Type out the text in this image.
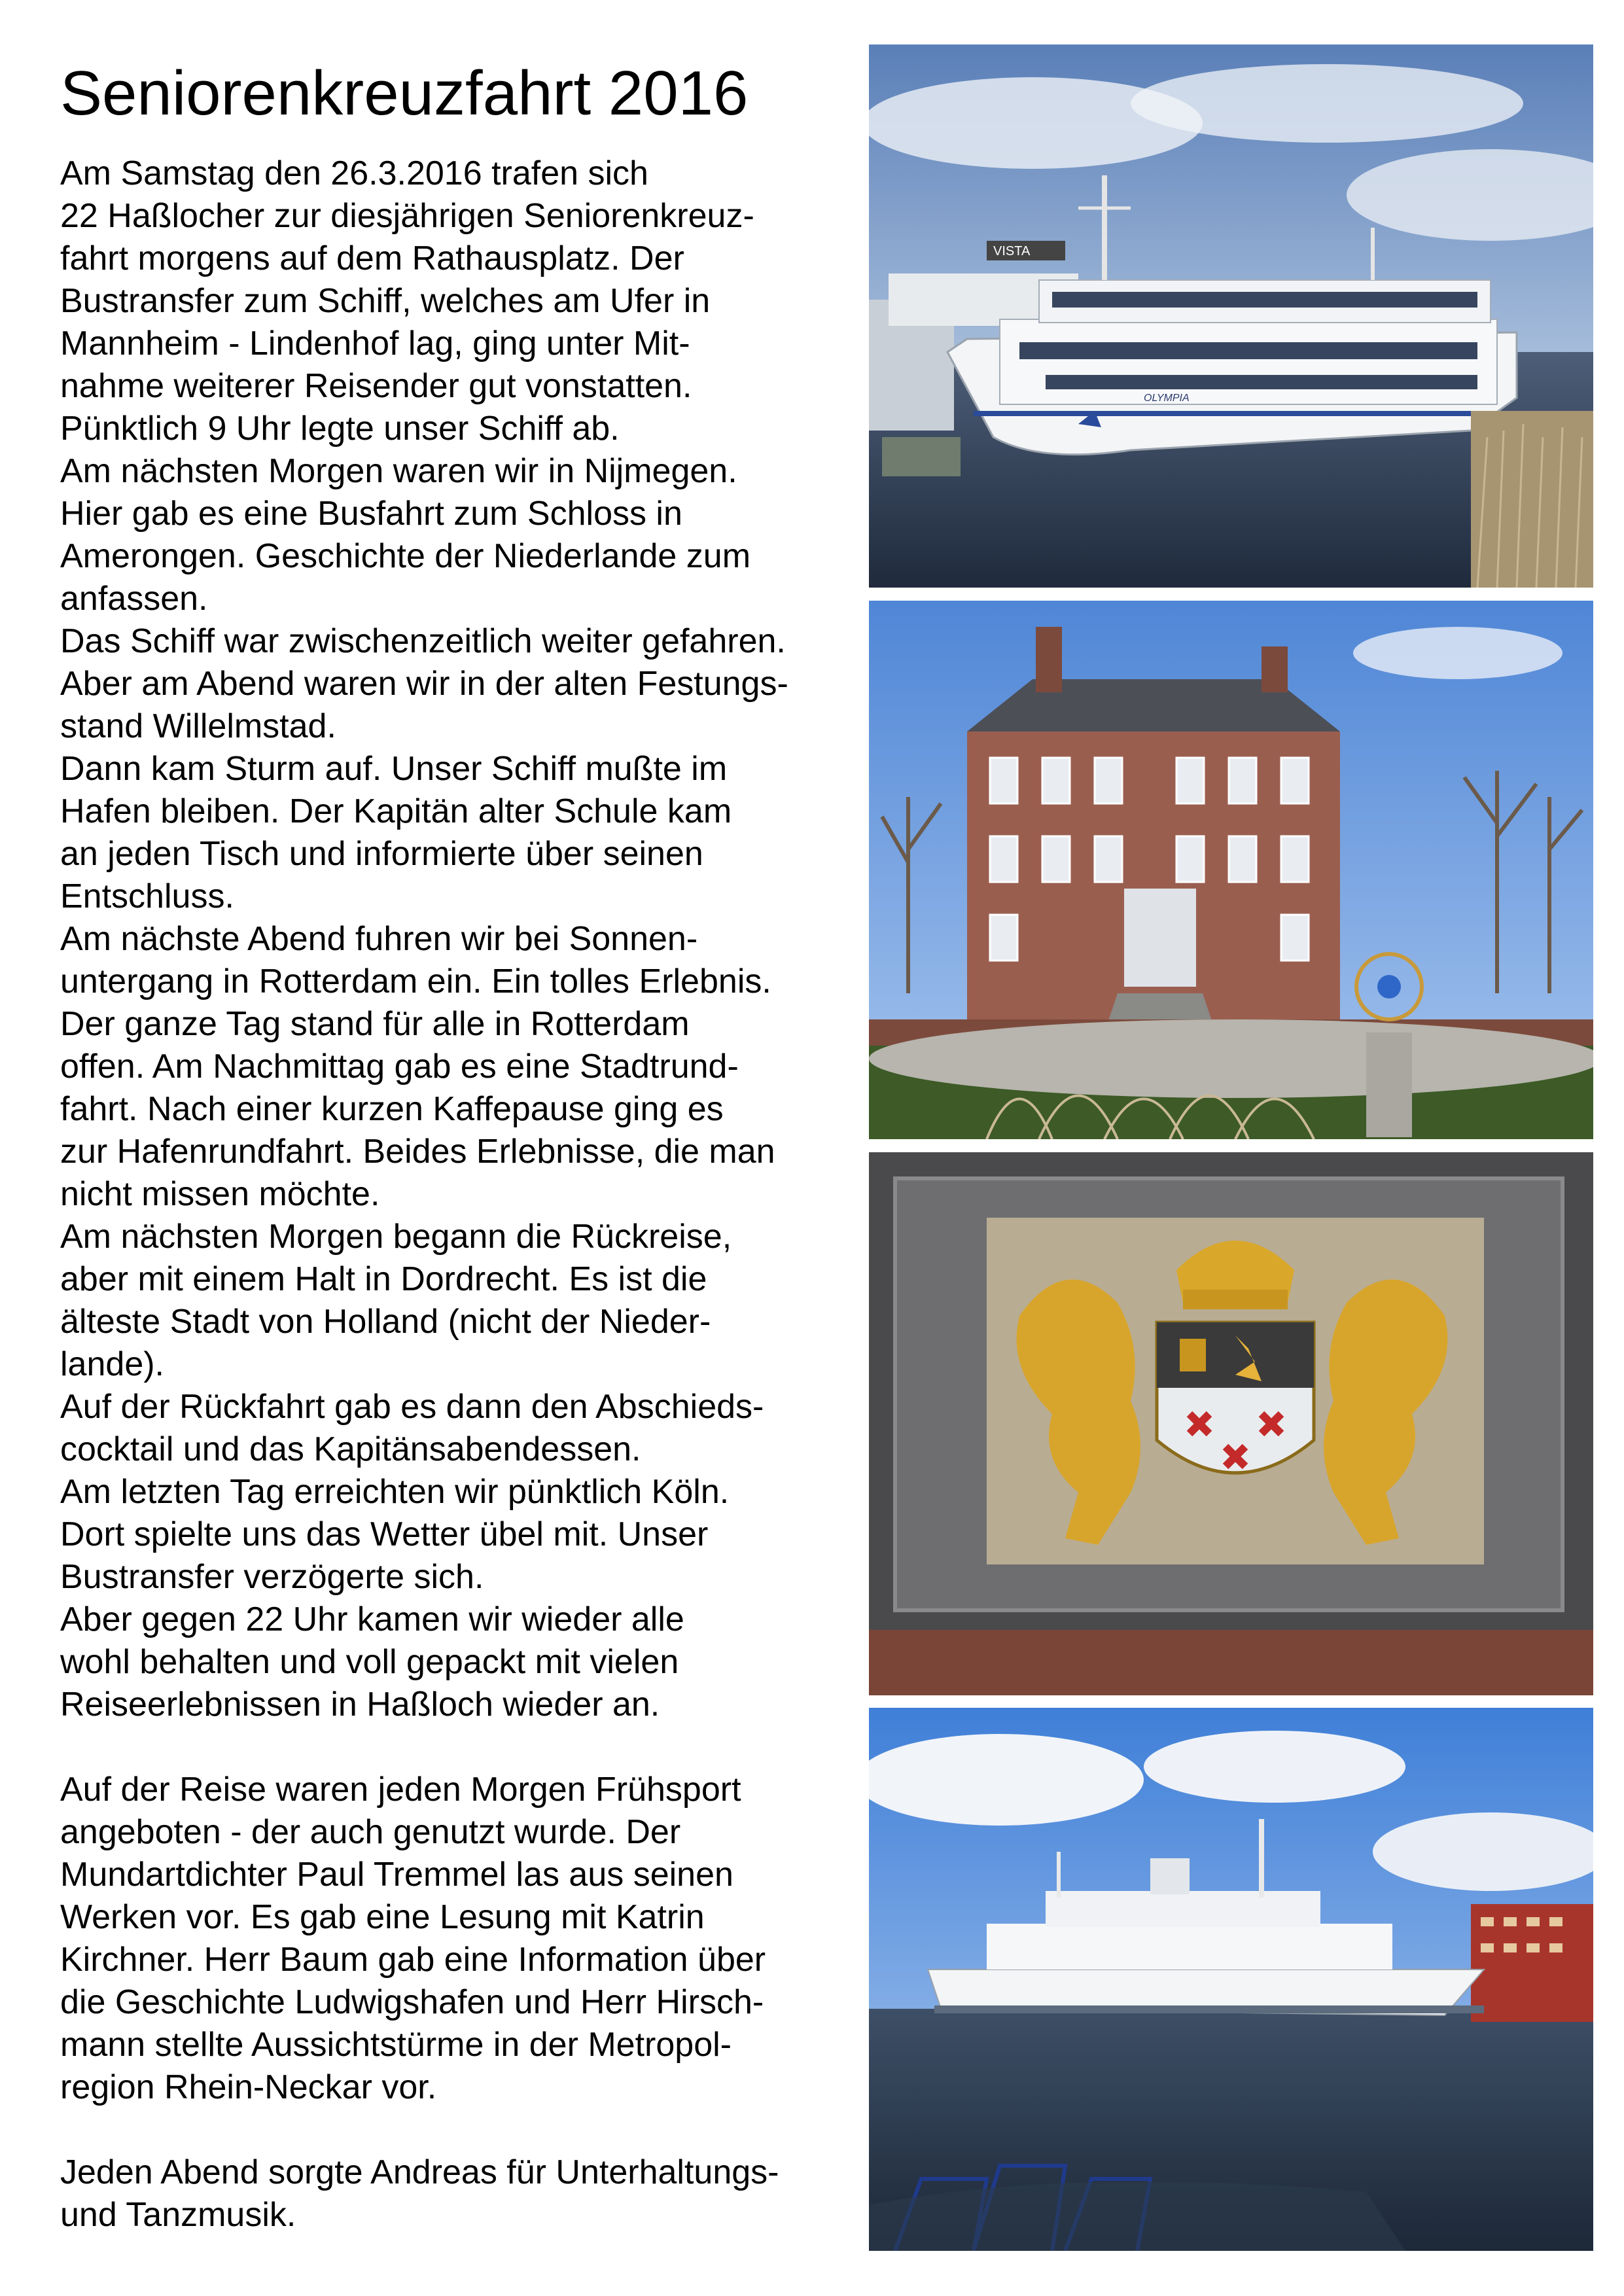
Seniorenkreuzfahrt 2016
Am Samstag den 26.3.2016 trafen sich
22 Haßlocher zur diesjährigen Seniorenkreuz-
fahrt morgens auf dem Rathausplatz. Der
Bustransfer zum Schiff, welches am Ufer in
Mannheim - Lindenhof lag, ging unter Mit-
nahme weiterer Reisender gut vonstatten.
Pünktlich 9 Uhr legte unser Schiff ab.
Am nächsten Morgen waren wir in Nijmegen.
Hier gab es eine Busfahrt zum Schloss in
Amerongen. Geschichte der Niederlande zum
anfassen.
Das Schiff war zwischenzeitlich weiter gefahren.
Aber am Abend waren wir in der alten Festungs-
stand Willelmstad.
Dann kam Sturm auf. Unser Schiff mußte im
Hafen bleiben. Der Kapitän alter Schule kam
an jeden Tisch und informierte über seinen
Entschluss.
Am nächste Abend fuhren wir bei Sonnen-
untergang in Rotterdam ein. Ein tolles Erlebnis.
Der ganze Tag stand für alle in Rotterdam
offen. Am Nachmittag gab es eine Stadtrund-
fahrt. Nach einer kurzen Kaffepause ging es
zur Hafenrundfahrt. Beides Erlebnisse, die man
nicht missen möchte.
Am nächsten Morgen begann die Rückreise,
aber mit einem Halt in Dordrecht. Es ist die
älteste Stadt von Holland (nicht der Nieder-
lande).
Auf der Rückfahrt gab es dann den Abschieds-
cocktail und das Kapitänsabendessen.
Am letzten Tag erreichten wir pünktlich Köln.
Dort spielte uns das Wetter übel mit. Unser
Bustransfer verzögerte sich.
Aber gegen 22 Uhr kamen wir wieder alle
wohl behalten und voll gepackt mit vielen
Reiseerlebnissen in Haßloch wieder an.
Auf der Reise waren jeden Morgen Frühsport
angeboten - der auch genutzt wurde. Der
Mundartdichter Paul Tremmel las aus seinen
Werken vor. Es gab eine Lesung mit Katrin
Kirchner. Herr Baum gab eine Information über
die Geschichte Ludwigshafen und Herr Hirsch-
mann stellte Aussichtstürme in der Metropol-
region Rhein-Neckar vor.
Jeden Abend sorgte Andreas für Unterhaltungs-
und Tanzmusik.
VISTA
OLYMPIA
